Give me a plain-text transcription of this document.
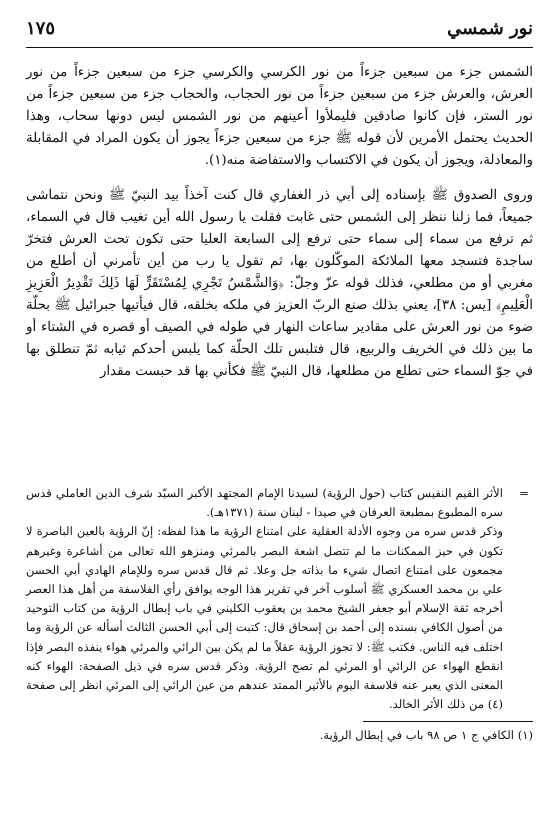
نور شمسي
١٧٥

الشمس جزء من سبعين جزءاً من نور الكرسي والكرسي جزء من سبعين جزءاً من نور العرش، والعرش جزء من سبعين جزءاً من نور الحجاب، والحجاب جزء من سبعين جزءاً من نور الستر، فإن كانوا صادقين فليملأوا أعينهم من نور الشمس ليس دونها سحاب، وهذا الحديث يحتمل الأمرين لأن قوله ﷺ جزء من سبعين جزءاً يجوز أن يكون المراد في المقابلة والمعادلة، ويجوز أن يكون في الاكتساب والاستفاضة منه(١).

وروى الصدوق ﷺ بإسناده إلى أبي ذر الغفاري قال كنت آخذاً بيد النبيّ ﷺ ونحن نتماشى جميعاً، فما زلنا ننظر إلى الشمس حتى غابت فقلت يا رسول الله أين تغيب قال في السماء، ثم ترفع من سماء إلى سماء حتى ترفع إلى السابعة العليا حتى تكون تحت العرش فتخرّ ساجدة فتسجد معها الملائكة الموكّلون بها، ثم تقول يا رب من أين تأمرني أن أطلع من مغربي أو من مطلعي، فذلك قوله عزّ وجلّ: ﴿وَالشَّمْسُ تَجْرِي لِمُسْتَقَرٍّ لَهَا ذَلِكَ تَقْدِيرُ الْعَزِيزِ الْعَلِيمِ﴾ [يس: ٣٨]، يعني بذلك صنع الربّ العزيز في ملكه بخلقه، قال فيأتيها جبرائيل ﷺ بحلّة ضوء من نور العرش على مقادير ساعات النهار في طوله في الصيف أو قصره في الشتاء أو ما بين ذلك في الخريف والربيع، قال فتلبس تلك الحلّة كما يلبس أحدكم ثيابه ثمّ تنطلق بها في جوّ السماء حتى تطلع من مطلعها، قال النبيّ ﷺ فكأني بها قد حبست مقدار

=

الأثر القيم النفيس كتاب (حول الرؤية) لسيدنا الإمام المجتهد الأكبر السيّد شرف الدين العاملي قدس سره المطبوع بمطبعة العرفان في صيدا - لبنان سنة (١٣٧١هـ).

وذكر قدس سره من وجوه الأدلة العقلية على امتناع الرؤية ما هذا لفظه: إنّ الرؤية بالعين الباصرة لا تكون في حيز الممكنات ما لم تتصل اشعة البصر بالمرئي ومنزهو الله تعالى من أشاعرة وغيرهم مجمعون على امتناع اتصال شيء ما بذاته جل وعلا. ثم قال قدس سره وللإمام الهادي أبي الحسن علي بن محمد العسكري ﷺ أسلوب آخر في تقرير هذا الوجه يوافق رأي الفلاسفة من أهل هذا العصر أخرجه ثقة الإسلام أبو جعفر الشيخ محمد بن يعقوب الكليني في باب إبطال الرؤية من كتاب التوحيد من أصول الكافي بسنده إلى أحمد بن إسحاق قال: كتبت إلى أبي الحسن الثالث أسأله عن الرؤية وما اختلف فيه الناس. فكتب ﷺ: لا تجوز الرؤية عقلاً ما لم يكن بين الرائي والمرئي هواء ينفذه البصر فإذا انقطع الهواء عن الرائي أو المرئي لم تصح الرؤية. وذكر قدس سره في ذيل الصفحة: الهواء كنه المعنى الذي يعبر عنه فلاسفة اليوم بالأثير الممتد عندهم من عين الرائي إلى المرئي انظر إلى صفحة (٤) من ذلك الأثر الخالد.

(١) الكافي ج ١ ص ٩٨ باب في إبطال الرؤية.
